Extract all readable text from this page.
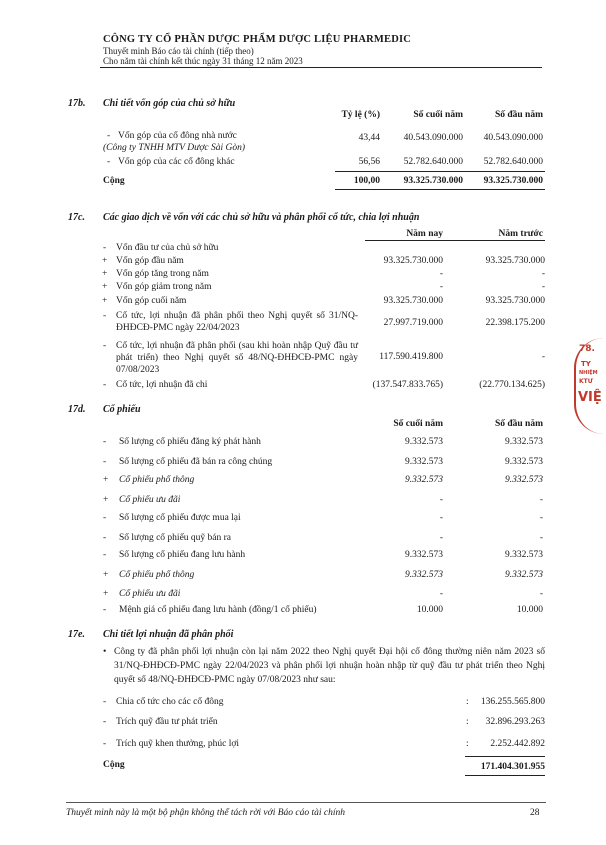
CÔNG TY CỔ PHẦN DƯỢC PHẨM DƯỢC LIỆU PHARMEDIC
Thuyết minh Báo cáo tài chính (tiếp theo)
Cho năm tài chính kết thúc ngày 31 tháng 12 năm 2023
17b. Chi tiết vốn góp của chủ sở hữu
Tỷ lệ (%)	Số cuối năm	Số đầu năm
- Vốn góp của cổ đông nhà nước
(Công ty TNHH MTV Dược Sài Gòn)
43,44	40.543.090.000	40.543.090.000
- Vốn góp của các cổ đông khác	56,56	52.782.640.000	52.782.640.000
Cộng	100,00	93.325.730.000	93.325.730.000
17c. Các giao dịch về vốn với các chủ sở hữu và phân phối cổ tức, chia lợi nhuận
Năm nay	Năm trước
- Vốn đầu tư của chủ sở hữu
+ Vốn góp đầu năm	93.325.730.000	93.325.730.000
+ Vốn góp tăng trong năm	-	-
+ Vốn góp giảm trong năm	-	-
+ Vốn góp cuối năm	93.325.730.000	93.325.730.000
- Cổ tức, lợi nhuận đã phân phối theo Nghị quyết số 31/NQ-ĐHĐCĐ-PMC ngày 22/04/2023	27.997.719.000	22.398.175.200
- Cổ tức, lợi nhuận đã phân phối (sau khi hoàn nhập Quỹ đầu tư phát triển) theo Nghị quyết số 48/NQ-ĐHĐCĐ-PMC ngày 07/08/2023
117.590.419.800	-
- Cổ tức, lợi nhuận đã chi	(137.547.833.765)	(22.770.134.625)
17d. Cổ phiếu
Số cuối năm	Số đầu năm
- Số lượng cổ phiếu đăng ký phát hành	9.332.573	9.332.573
- Số lượng cổ phiếu đã bán ra công chúng	9.332.573	9.332.573
+ Cổ phiếu phổ thông	9.332.573	9.332.573
+ Cổ phiếu ưu đãi	-	-
- Số lượng cổ phiếu được mua lại	-	-
- Số lượng cổ phiếu quỹ bán ra	-	-
- Số lượng cổ phiếu đang lưu hành	9.332.573	9.332.573
+ Cổ phiếu phổ thông	9.332.573	9.332.573
+ Cổ phiếu ưu đãi	-	-
- Mệnh giá cổ phiếu đang lưu hành (đồng/1 cổ phiếu)	10.000	10.000
17e. Chi tiết lợi nhuận đã phân phối
• Công ty đã phân phối lợi nhuận còn lại năm 2022 theo Nghị quyết Đại hội cổ đông thường niên năm 2023 số 31/NQ-ĐHĐCĐ-PMC ngày 22/04/2023 và phân phối lợi nhuận hoàn nhập từ quỹ đầu tư phát triển theo Nghị quyết số 48/NQ-ĐHĐCĐ-PMC ngày 07/08/2023 như sau:
- Chia cổ tức cho các cổ đông	:	136.255.565.800
- Trích quỹ đầu tư phát triển	:	32.896.293.263
- Trích quỹ khen thưởng, phúc lợi	:	2.252.442.892
Cộng	171.404.301.955
Thuyết minh này là một bộ phận không thể tách rời với Báo cáo tài chính	28
78.
TY
NHIỆM
KTƯ
VIỆ
